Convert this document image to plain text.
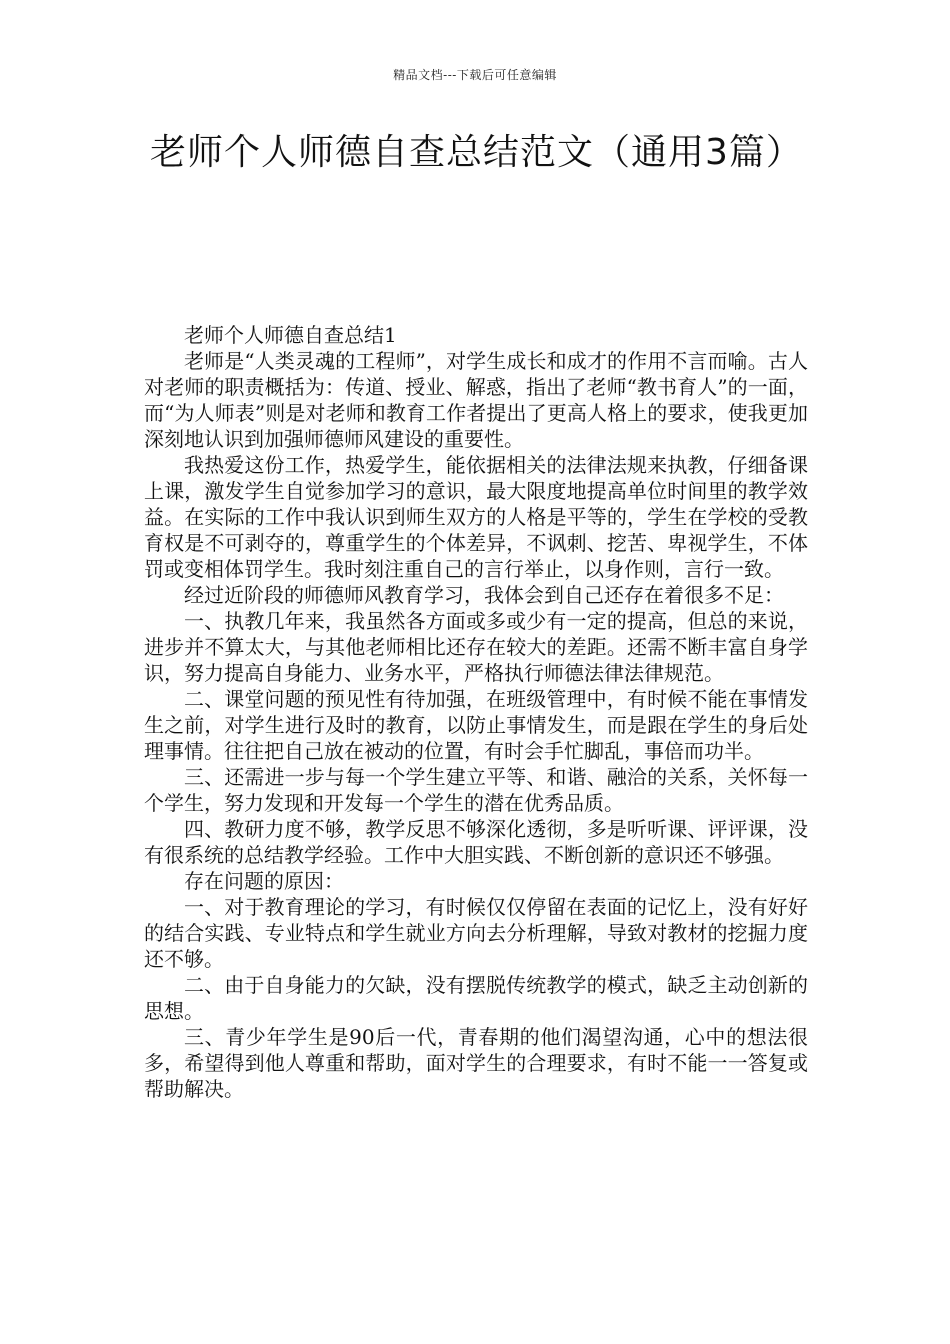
精品文档---下载后可任意编辑
老师个人师德自查总结范文（通用3篇）

老师个人师德自查总结1

老师是“人类灵魂的工程师”，对学生成长和成才的作用不言而喻。古人对老师的职责概括为：传道、授业、解惑，指出了老师“教书育人”的一面，而“为人师表”则是对老师和教育工作者提出了更高人格上的要求，使我更加深刻地认识到加强师德师风建设的重要性。

我热爱这份工作，热爱学生，能依据相关的法律法规来执教，仔细备课上课，激发学生自觉参加学习的意识，最大限度地提高单位时间里的教学效益。在实际的工作中我认识到师生双方的人格是平等的，学生在学校的受教育权是不可剥夺的，尊重学生的个体差异，不讽刺、挖苦、卑视学生，不体罚或变相体罚学生。我时刻注重自己的言行举止，以身作则，言行一致。

经过近阶段的师德师风教育学习，我体会到自己还存在着很多不足：

一、执教几年来，我虽然各方面或多或少有一定的提高，但总的来说，进步并不算太大，与其他老师相比还存在较大的差距。还需不断丰富自身学识，努力提高自身能力、业务水平，严格执行师德法律法律规范。

二、课堂问题的预见性有待加强，在班级管理中，有时候不能在事情发生之前，对学生进行及时的教育，以防止事情发生，而是跟在学生的身后处理事情。往往把自己放在被动的位置，有时会手忙脚乱，事倍而功半。

三、还需进一步与每一个学生建立平等、和谐、融洽的关系，关怀每一个学生，努力发现和开发每一个学生的潜在优秀品质。

四、教研力度不够，教学反思不够深化透彻，多是听听课、评评课，没有很系统的总结教学经验。工作中大胆实践、不断创新的意识还不够强。

存在问题的原因：

一、对于教育理论的学习，有时候仅仅停留在表面的记忆上，没有好好的结合实践、专业特点和学生就业方向去分析理解，导致对教材的挖掘力度还不够。

二、由于自身能力的欠缺，没有摆脱传统教学的模式，缺乏主动创新的思想。

三、青少年学生是90后一代，青春期的他们渴望沟通，心中的想法很多，希望得到他人尊重和帮助，面对学生的合理要求，有时不能一一答复或帮助解决。
